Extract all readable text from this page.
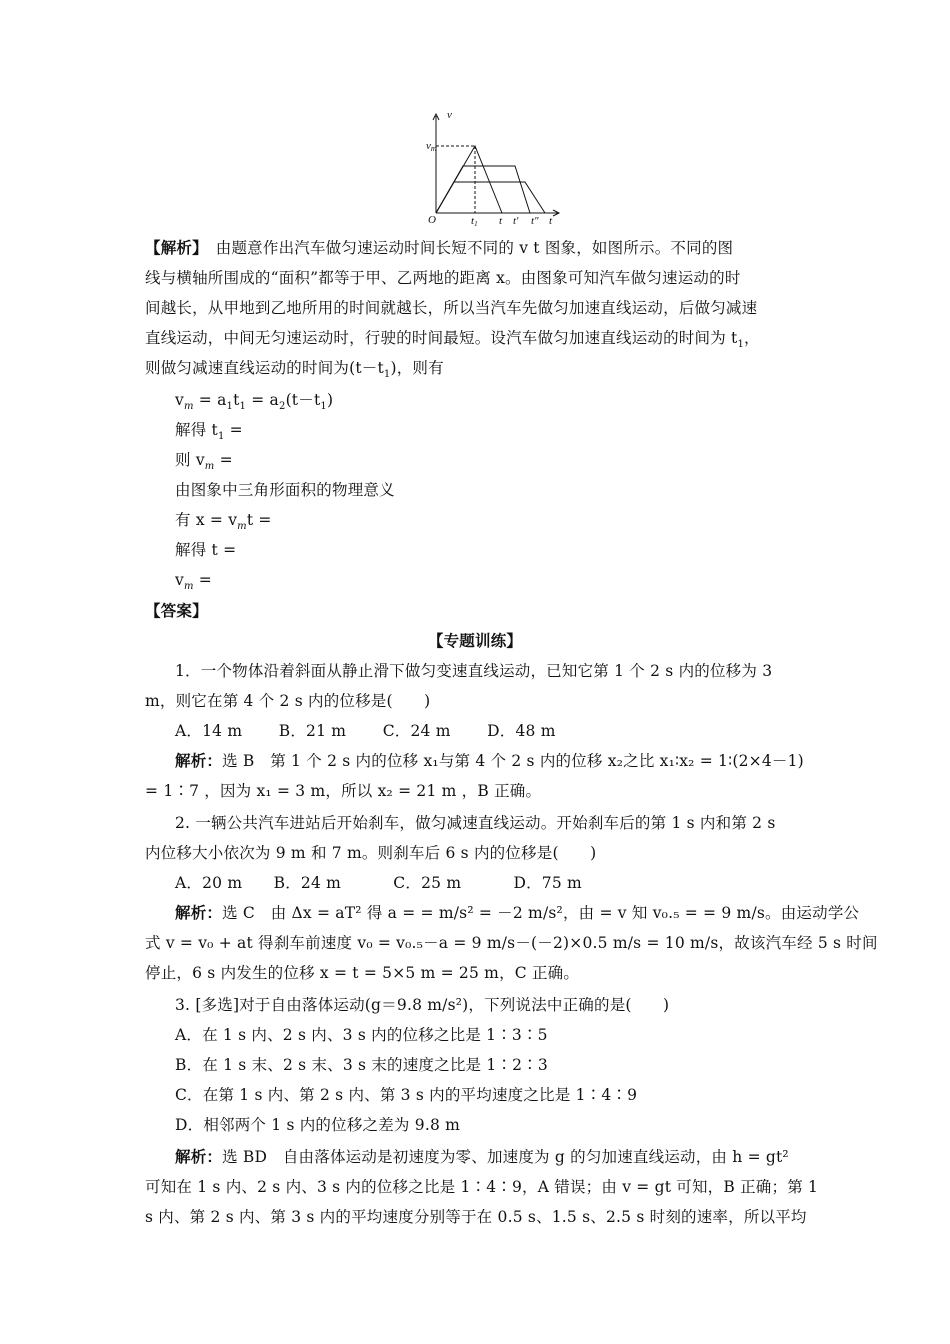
v
vm
O	t1 t t′ t″ t
【解析】　由题意作出汽车做匀速运动时间长短不同的 v t 图象，如图所示。不同的图
线与横轴所围成的“面积”都等于甲、乙两地的距离 x。由图象可知汽车做匀速运动的时
间越长，从甲地到乙地所用的时间就越长，所以当汽车先做匀加速直线运动，后做匀减速
直线运动，中间无匀速运动时，行驶的时间最短。设汽车做匀加速直线运动的时间为 $t_1$，
则做匀减速直线运动的时间为$(t-t_1)$，则有
$v_m = a_1t_1 = a_2(t-t_1)$
解得 $t_1$ =
则 $v_m$ =
由图象中三角形面积的物理意义
有 $x = v_mt$ =
解得 t =
$v_m$ =
【答案】
【专题训练】
1．一个物体沿着斜面从静止滑下做匀变速直线运动，已知它第 1 个 2 s 内的位移为 3
m，则它在第 4 个 2 s 内的位移是(　　)
A．14 m　　 B．21 m　　 C．24 m　　 D．48 m
解析：选 B　第 1 个 2 s 内的位移 x₁与第 4 个 2 s 内的位移 x₂之比 x₁∶x₂ = 1∶(2×4－1)
= 1∶7 ，因为 x₁ = 3 m，所以 x₂ = 21 m ，B 正确。
2. 一辆公共汽车进站后开始刹车，做匀减速直线运动。开始刹车后的第 1 s 内和第 2 s
内位移大小依次为 9 m 和 7 m。则刹车后 6 s 内的位移是(　　)
A．20 m　　B．24 m　　　 C．25 m　　　 D．75 m
解析：选 C　由 Δx = aT² 得 a = = m/s² = －2 m/s²，由 = v 知 v₀.₅ = = 9 m/s。由运动学公
式 v = v₀ + at 得刹车前速度 v₀ = v₀.₅－a = 9 m/s－(－2)×0.5 m/s = 10 m/s，故该汽车经 5 s 时间
停止，6 s 内发生的位移 x = t = 5×5 m = 25 m，C 正确。
3. [多选]对于自由落体运动(g＝9.8 m/s²)，下列说法中正确的是(　　)
A．在 1 s 内、2 s 内、3 s 内的位移之比是 1∶3∶5
B．在 1 s 末、2 s 末、3 s 末的速度之比是 1∶2∶3
C．在第 1 s 内、第 2 s 内、第 3 s 内的平均速度之比是 1∶4∶9
D．相邻两个 1 s 内的位移之差为 9.8 m
解析：选 BD　自由落体运动是初速度为零、加速度为 g 的匀加速直线运动，由 h = gt²
可知在 1 s 内、2 s 内、3 s 内的位移之比是 1∶4∶9，A 错误；由 v = gt 可知，B 正确；第 1
s 内、第 2 s 内、第 3 s 内的平均速度分别等于在 0.5 s、1.5 s、2.5 s 时刻的速率，所以平均
